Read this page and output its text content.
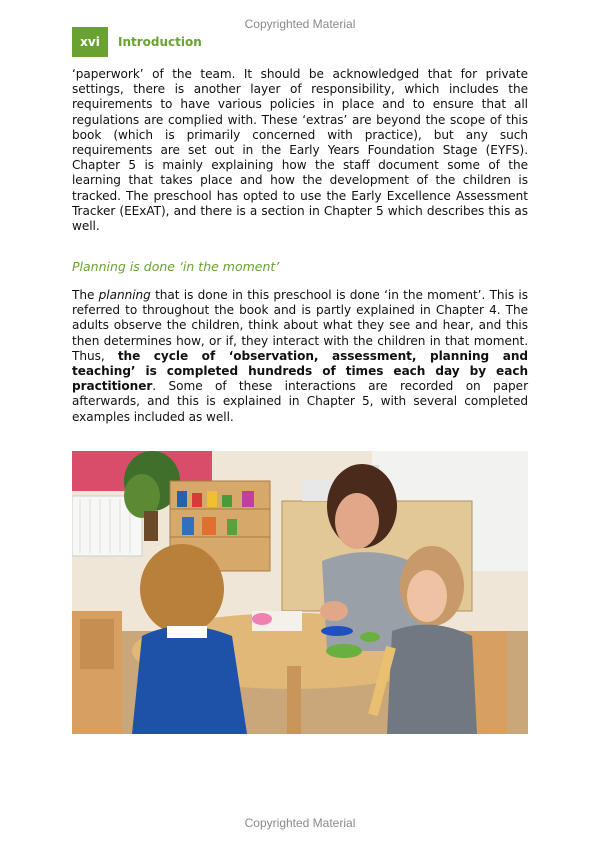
Copyrighted Material
xvi	Introduction
‘paperwork’ of the team. It should be acknowledged that for private settings, there is another layer of responsibility, which includes the requirements to have various policies in place and to ensure that all regulations are complied with. These ‘extras’ are beyond the scope of this book (which is primarily concerned with practice), but any such requirements are set out in the Early Years Foundation Stage (EYFS). Chapter 5 is mainly explaining how the staff document some of the learning that takes place and how the development of the children is tracked. The preschool has opted to use the Early Excellence Assessment Tracker (EExAT), and there is a section in Chapter 5 which describes this as well.
Planning is done ‘in the moment’
The planning that is done in this preschool is done ‘in the moment’. This is referred to throughout the book and is partly explained in Chapter 4. The adults observe the children, think about what they see and hear, and this then determines how, or if, they interact with the children in that moment. Thus, the cycle of ‘observation, assessment, planning and teaching’ is completed hundreds of times each day by each practitioner. Some of these interactions are recorded on paper afterwards, and this is explained in Chapter 5, with several completed examples included as well.
Copyrighted Material
